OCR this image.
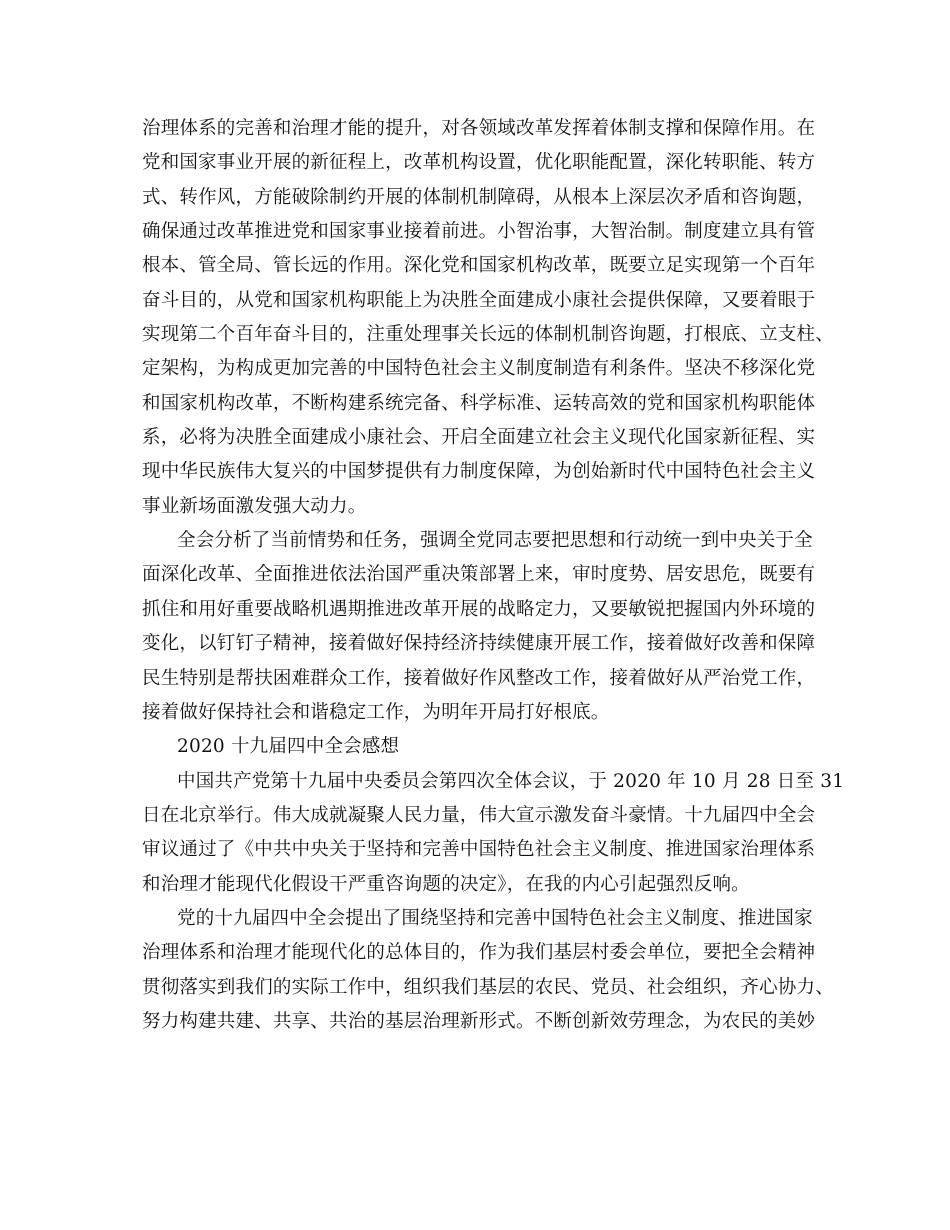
治理体系的完善和治理才能的提升，对各领域改革发挥着体制支撑和保障作用。在
党和国家事业开展的新征程上，改革机构设置，优化职能配置，深化转职能、转方
式、转作风，方能破除制约开展的体制机制障碍，从根本上深层次矛盾和咨询题，
确保通过改革推进党和国家事业接着前进。小智治事，大智治制。制度建立具有管
根本、管全局、管长远的作用。深化党和国家机构改革，既要立足实现第一个百年
奋斗目的，从党和国家机构职能上为决胜全面建成小康社会提供保障，又要着眼于
实现第二个百年奋斗目的，注重处理事关长远的体制机制咨询题，打根底、立支柱、
定架构，为构成更加完善的中国特色社会主义制度制造有利条件。坚决不移深化党
和国家机构改革，不断构建系统完备、科学标准、运转高效的党和国家机构职能体
系，必将为决胜全面建成小康社会、开启全面建立社会主义现代化国家新征程、实
现中华民族伟大复兴的中国梦提供有力制度保障，为创始新时代中国特色社会主义
事业新场面激发强大动力。
全会分析了当前情势和任务，强调全党同志要把思想和行动统一到中央关于全
面深化改革、全面推进依法治国严重决策部署上来，审时度势、居安思危，既要有
抓住和用好重要战略机遇期推进改革开展的战略定力，又要敏锐把握国内外环境的
变化，以钉钉子精神，接着做好保持经济持续健康开展工作，接着做好改善和保障
民生特别是帮扶困难群众工作，接着做好作风整改工作，接着做好从严治党工作，
接着做好保持社会和谐稳定工作，为明年开局打好根底。
2020 十九届四中全会感想
中国共产党第十九届中央委员会第四次全体会议，于 2020 年 10 月 28 日至 31
日在北京举行。伟大成就凝聚人民力量，伟大宣示激发奋斗豪情。十九届四中全会
审议通过了《中共中央关于坚持和完善中国特色社会主义制度、推进国家治理体系
和治理才能现代化假设干严重咨询题的决定》，在我的内心引起强烈反响。
党的十九届四中全会提出了围绕坚持和完善中国特色社会主义制度、推进国家
治理体系和治理才能现代化的总体目的，作为我们基层村委会单位，要把全会精神
贯彻落实到我们的实际工作中，组织我们基层的农民、党员、社会组织，齐心协力、
努力构建共建、共享、共治的基层治理新形式。不断创新效劳理念，为农民的美妙
